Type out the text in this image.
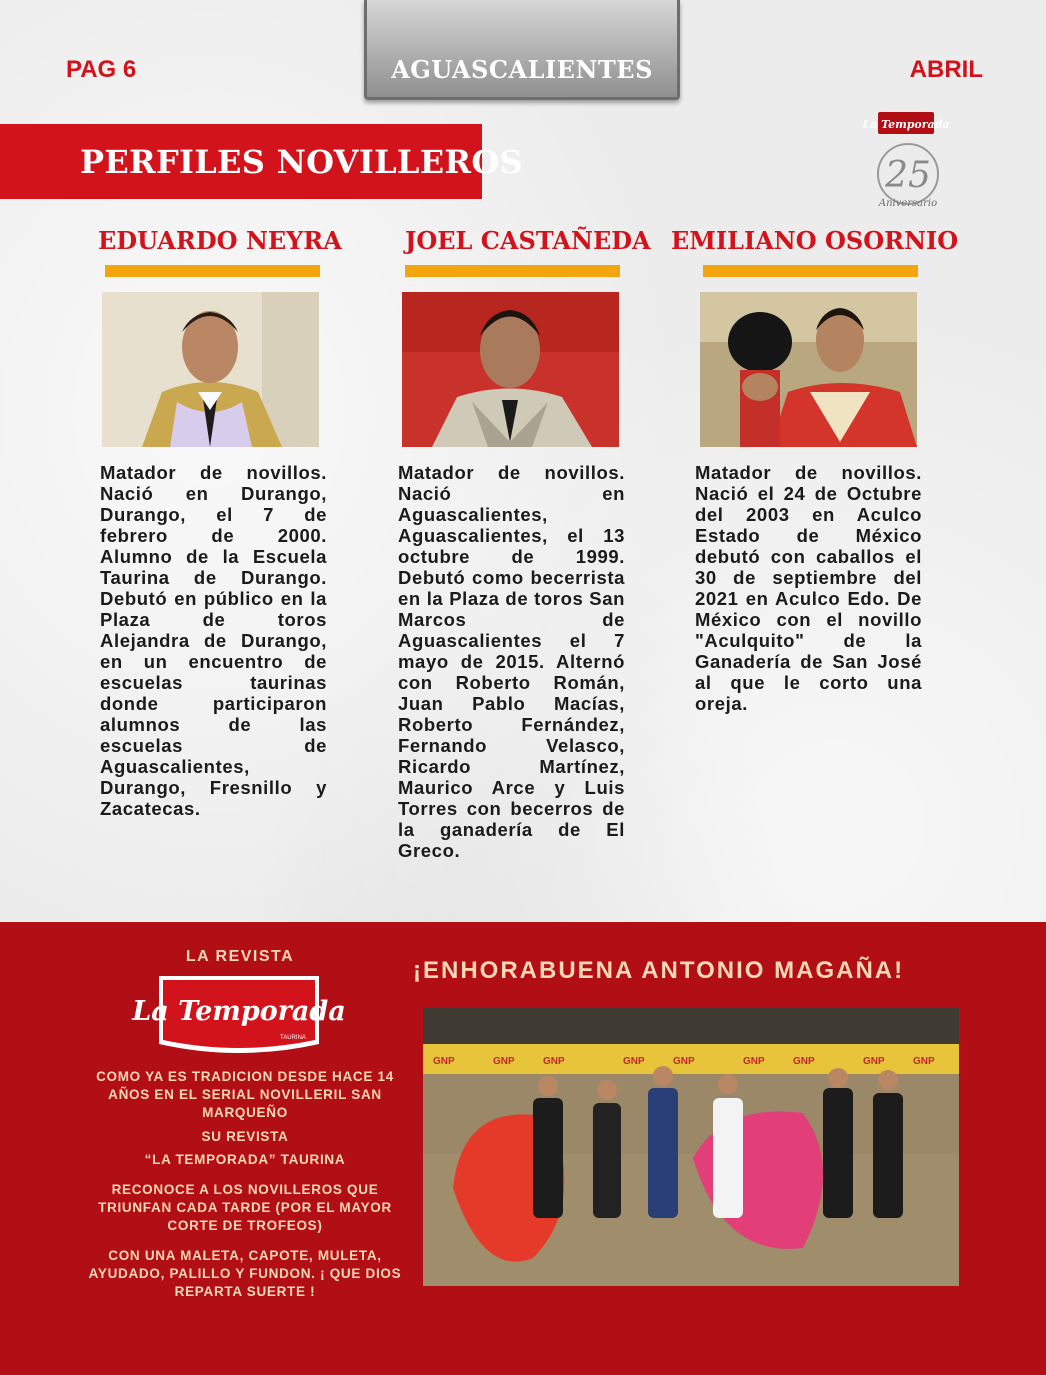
PAG 6	AGUASCALIENTES	ABRIL
PERFILES NOVILLEROS
La Temporada
25
Aniversario
EDUARDO NEYRA
Matador de novillos. Nació en Durango, Durango, el 7 de febrero de 2000. Alumno de la Escuela Taurina de Durango. Debutó en público en la Plaza de toros Alejandra de Durango, en un encuentro de escuelas taurinas donde participaron alumnos de las escuelas de Aguascalientes, Durango, Fresnillo y Zacatecas.
JOEL CASTAÑEDA
Matador de novillos. Nació en Aguascalientes, Aguascalientes, el 13 octubre de 1999. Debutó como becerrista en la Plaza de toros San Marcos de Aguascalientes el 7 mayo de 2015. Alternó con Roberto Román, Juan Pablo Macías, Roberto Fernández, Fernando Velasco, Ricardo Martínez, Maurico Arce y Luis Torres con becerros de la ganadería de El Greco.
EMILIANO OSORNIO
Matador de novillos. Nació el 24 de Octubre del 2003 en Aculco Estado de México debutó con caballos el 30 de septiembre del 2021 en Aculco Edo. De México con el novillo "Aculquito" de la Ganadería de San José al que le corto una oreja.
LA REVISTA
La Temporada
TAURINA
COMO YA ES TRADICION DESDE HACE 14 AÑOS EN EL SERIAL NOVILLERIL SAN MARQUEÑO
SU REVISTA
“LA TEMPORADA” TAURINA
RECONOCE A LOS NOVILLEROS QUE TRIUNFAN CADA TARDE (POR EL MAYOR CORTE DE TROFEOS)
CON UNA MALETA, CAPOTE, MULETA, AYUDADO, PALILLO Y FUNDON. ¡ QUE DIOS REPARTA SUERTE !
¡ENHORABUENA ANTONIO MAGAÑA!
GNP	GNP	GNP	GNP	GNP	GNP	GNP	GNP	GNP
